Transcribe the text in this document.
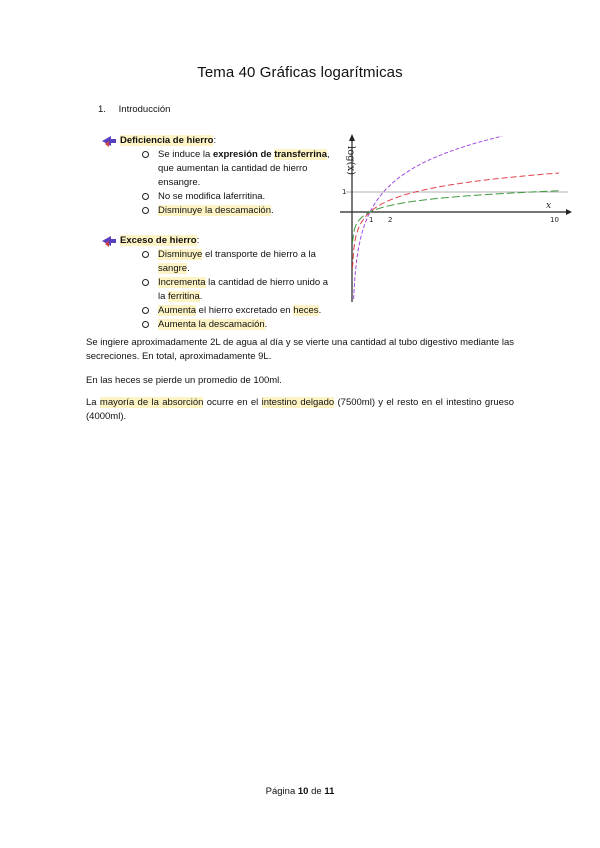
Tema 40 Gráficas logarítmicas
1. Introducción
Deficiencia de hierro:
Se induce la expresión de transferrina, que aumentan la cantidad de hierro ensangre.
No se modifica laferritina.
Disminuye la descamación.
Exceso de hierro:
Disminuye el transporte de hierro a la sangre.
Incrementa la cantidad de hierro unido a la ferritina.
Aumenta el hierro excretado en heces.
Aumenta la descamación.
log(x)
1
1 2	10
x

Se ingiere aproximadamente 2L de agua al día y se vierte una cantidad al tubo digestivo mediante las secreciones. En total, aproximadamente 9L.

En las heces se pierde un promedio de 100ml.

La mayoría de la absorción ocurre en el intestino delgado (7500ml) y el resto en el intestino grueso (4000ml).

Página 10 de 11
